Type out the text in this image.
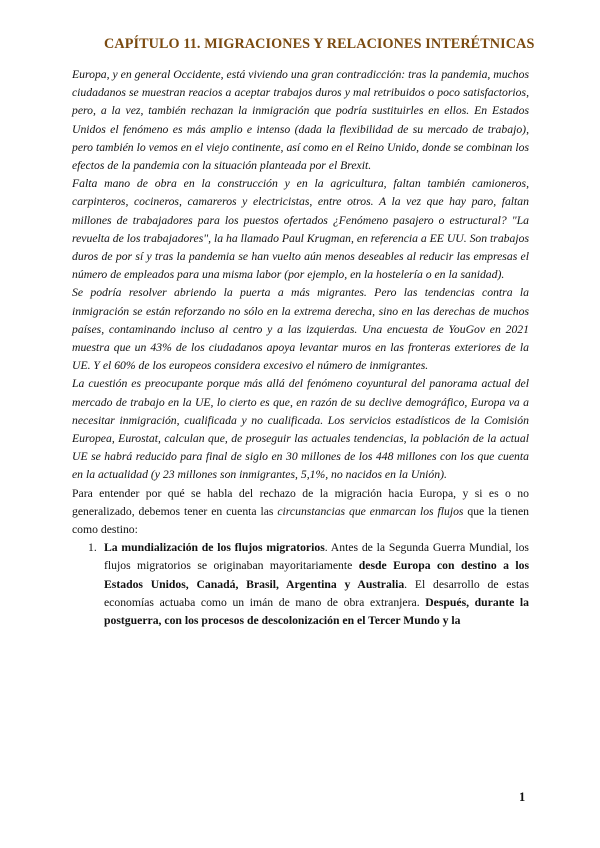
CAPÍTULO 11. MIGRACIONES Y RELACIONES INTERÉTNICAS

Europa, y en general Occidente, está viviendo una gran contradicción: tras la pandemia, muchos ciudadanos se muestran reacios a aceptar trabajos duros y mal retribuidos o poco satisfactorios, pero, a la vez, también rechazan la inmigración que podría sustituirles en ellos. En Estados Unidos el fenómeno es más amplio e intenso (dada la flexibilidad de su mercado de trabajo), pero también lo vemos en el viejo continente, así como en el Reino Unido, donde se combinan los efectos de la pandemia con la situación planteada por el Brexit.

Falta mano de obra en la construcción y en la agricultura, faltan también camioneros, carpinteros, cocineros, camareros y electricistas, entre otros. A la vez que hay paro, faltan millones de trabajadores para los puestos ofertados ¿Fenómeno pasajero o estructural? "La revuelta de los trabajadores", la ha llamado Paul Krugman, en referencia a EE UU. Son trabajos duros de por sí y tras la pandemia se han vuelto aún menos deseables al reducir las empresas el número de empleados para una misma labor (por ejemplo, en la hostelería o en la sanidad).

Se podría resolver abriendo la puerta a más migrantes. Pero las tendencias contra la inmigración se están reforzando no sólo en la extrema derecha, sino en las derechas de muchos países, contaminando incluso al centro y a las izquierdas. Una encuesta de YouGov en 2021 muestra que un 43% de los ciudadanos apoya levantar muros en las fronteras exteriores de la UE. Y el 60% de los europeos considera excesivo el número de inmigrantes.

La cuestión es preocupante porque más allá del fenómeno coyuntural del panorama actual del mercado de trabajo en la UE, lo cierto es que, en razón de su declive demográfico, Europa va a necesitar inmigración, cualificada y no cualificada. Los servicios estadísticos de la Comisión Europea, Eurostat, calculan que, de proseguir las actuales tendencias, la población de la actual UE se habrá reducido para final de siglo en 30 millones de los 448 millones con los que cuenta en la actualidad (y 23 millones son inmigrantes, 5,1%, no nacidos en la Unión).

Para entender por qué se habla del rechazo de la migración hacia Europa, y si es o no generalizado, debemos tener en cuenta las circunstancias que enmarcan los flujos que la tienen como destino:

1. La mundialización de los flujos migratorios. Antes de la Segunda Guerra Mundial, los flujos migratorios se originaban mayoritariamente desde Europa con destino a los Estados Unidos, Canadá, Brasil, Argentina y Australia. El desarrollo de estas economías actuaba como un imán de mano de obra extranjera. Después, durante la postguerra, con los procesos de descolonización en el Tercer Mundo y la
1
